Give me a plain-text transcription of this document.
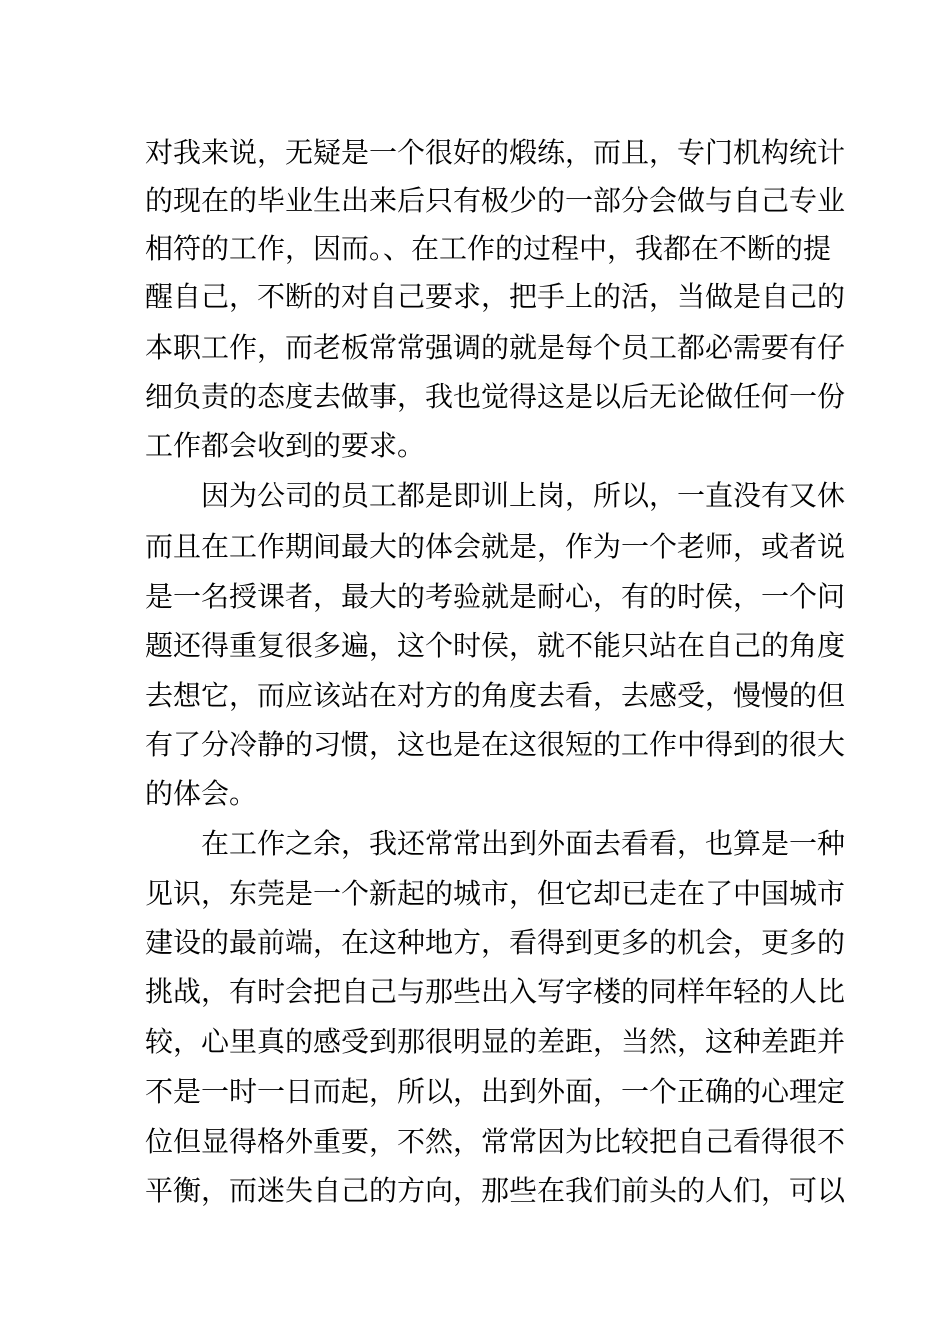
对我来说，无疑是一个很好的煅练，而且，专门机构统计
的现在的毕业生出来后只有极少的一部分会做与自己专业
相符的工作，因而。、在工作的过程中，我都在不断的提
醒自己，不断的对自己要求，把手上的活，当做是自己的
本职工作，而老板常常强调的就是每个员工都必需要有仔
细负责的态度去做事，我也觉得这是以后无论做任何一份
工作都会收到的要求。
因为公司的员工都是即训上岗，所以，一直没有又休
而且在工作期间最大的体会就是，作为一个老师，或者说
是一名授课者，最大的考验就是耐心，有的时侯，一个问
题还得重复很多遍，这个时侯，就不能只站在自己的角度
去想它，而应该站在对方的角度去看，去感受，慢慢的但
有了分冷静的习惯，这也是在这很短的工作中得到的很大
的体会。
在工作之余，我还常常出到外面去看看，也算是一种
见识，东莞是一个新起的城市，但它却已走在了中国城市
建设的最前端，在这种地方，看得到更多的机会，更多的
挑战，有时会把自己与那些出入写字楼的同样年轻的人比
较，心里真的感受到那很明显的差距，当然，这种差距并
不是一时一日而起，所以，出到外面，一个正确的心理定
位但显得格外重要，不然，常常因为比较把自己看得很不
平衡，而迷失自己的方向，那些在我们前头的人们，可以
